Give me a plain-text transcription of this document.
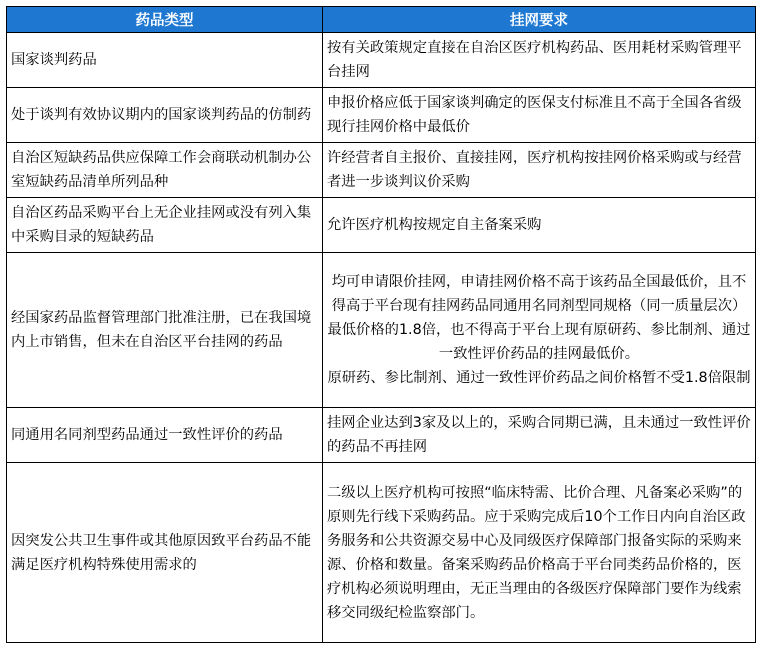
药品类型	挂网要求
国家谈判药品	按有关政策规定直接在自治区医疗机构药品、医用耗材采购管理平台挂网

处于谈判有效协议期内的国家谈判药品的仿制药	申报价格应低于国家谈判确定的医保支付标准且不高于全国各省级现行挂网价格中最低价

自治区短缺药品供应保障工作会商联动机制办公室短缺药品清单所列品种	许经营者自主报价、直接挂网，医疗机构按挂网价格采购或与经营者进一步谈判议价采购

自治区药品采购平台上无企业挂网或没有列入集中采购目录的短缺药品	允许医疗机构按规定自主备案采购

经国家药品监督管理部门批准注册，已在我国境内上市销售，但未在自治区平台挂网的药品	均可申请限价挂网，申请挂网价格不高于该药品全国最低价，且不得高于平台现有挂网药品同通用名同剂型同规格（同一质量层次）最低价格的1.8倍，也不得高于平台上现有原研药、参比制剂、通过一致性评价药品的挂网最低价。
原研药、参比制剂、通过一致性评价药品之间价格暂不受1.8倍限制

同通用名同剂型药品通过一致性评价的药品	挂网企业达到3家及以上的，采购合同期已满，且未通过一致性评价的药品不再挂网

因突发公共卫生事件或其他原因致平台药品不能满足医疗机构特殊使用需求的	二级以上医疗机构可按照“临床特需、比价合理、凡备案必采购”的原则先行线下采购药品。应于采购完成后10个工作日内向自治区政务服务和公共资源交易中心及同级医疗保障部门报备实际的采购来源、价格和数量。备案采购药品价格高于平台同类药品价格的，医疗机构必须说明理由，无正当理由的各级医疗保障部门要作为线索移交同级纪检监察部门。
